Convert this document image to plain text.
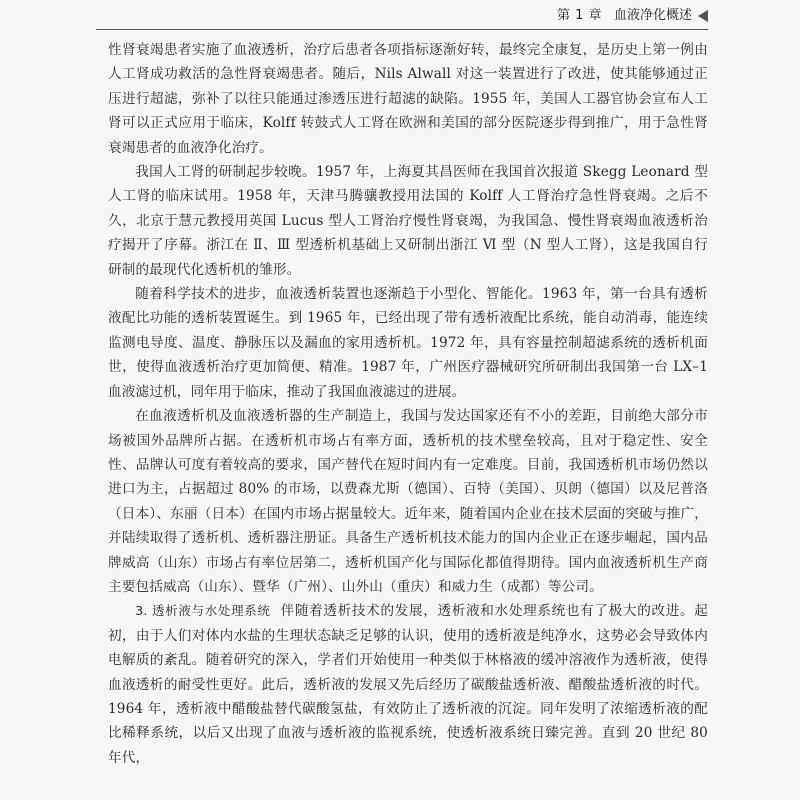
第 1 章 血液净化概述

性肾衰竭患者实施了血液透析，治疗后患者各项指标逐渐好转，最终完全康复，是历史上第一例由人工肾成功救活的急性肾衰竭患者。随后，Nils Alwall 对这一装置进行了改进，使其能够通过正压进行超滤，弥补了以往只能通过渗透压进行超滤的缺陷。1955 年，美国人工器官协会宣布人工肾可以正式应用于临床，Kolff 转鼓式人工肾在欧洲和美国的部分医院逐步得到推广，用于急性肾衰竭患者的血液净化治疗。

我国人工肾的研制起步较晚。1957 年，上海夏其昌医师在我国首次报道 Skegg Leonard 型人工肾的临床试用。1958 年，天津马腾骧教授用法国的 Kolff 人工肾治疗急性肾衰竭。之后不久，北京于慧元教授用英国 Lucus 型人工肾治疗慢性肾衰竭，为我国急、慢性肾衰竭血液透析治疗揭开了序幕。浙江在 Ⅱ、Ⅲ 型透析机基础上又研制出浙江 Ⅵ 型（N 型人工肾），这是我国自行研制的最现代化透析机的雏形。

随着科学技术的进步，血液透析装置也逐渐趋于小型化、智能化。1963 年，第一台具有透析液配比功能的透析装置诞生。到 1965 年，已经出现了带有透析液配比系统，能自动消毒，能连续监测电导度、温度、静脉压以及漏血的家用透析机。1972 年，具有容量控制超滤系统的透析机面世，使得血液透析治疗更加简便、精准。1987 年，广州医疗器械研究所研制出我国第一台 LX–1 血液滤过机，同年用于临床，推动了我国血液滤过的进展。

在血液透析机及血液透析器的生产制造上，我国与发达国家还有不小的差距，目前绝大部分市场被国外品牌所占据。在透析机市场占有率方面，透析机的技术壁垒较高，且对于稳定性、安全性、品牌认可度有着较高的要求，国产替代在短时间内有一定难度。目前，我国透析机市场仍然以进口为主，占据超过 80% 的市场，以费森尤斯（德国）、百特（美国）、贝朗（德国）以及尼普洛（日本）、东丽（日本）在国内市场占据量较大。近年来，随着国内企业在技术层面的突破与推广，并陆续取得了透析机、透析器注册证。具备生产透析机技术能力的国内企业正在逐步崛起，国内品牌威高（山东）市场占有率位居第二，透析机国产化与国际化都值得期待。国内血液透析机生产商主要包括威高（山东）、暨华（广州）、山外山（重庆）和威力生（成都）等公司。

3. 透析液与水处理系统 伴随着透析技术的发展，透析液和水处理系统也有了极大的改进。起初，由于人们对体内水盐的生理状态缺乏足够的认识，使用的透析液是纯净水，这势必会导致体内电解质的紊乱。随着研究的深入，学者们开始使用一种类似于林格液的缓冲溶液作为透析液，使得血液透析的耐受性更好。此后，透析液的发展又先后经历了碳酸盐透析液、醋酸盐透析液的时代。1964 年，透析液中醋酸盐替代碳酸氢盐，有效防止了透析液的沉淀。同年发明了浓缩透析液的配比稀释系统，以后又出现了血液与透析液的监视系统，使透析液系统日臻完善。直到 20 世纪 80 年代，
